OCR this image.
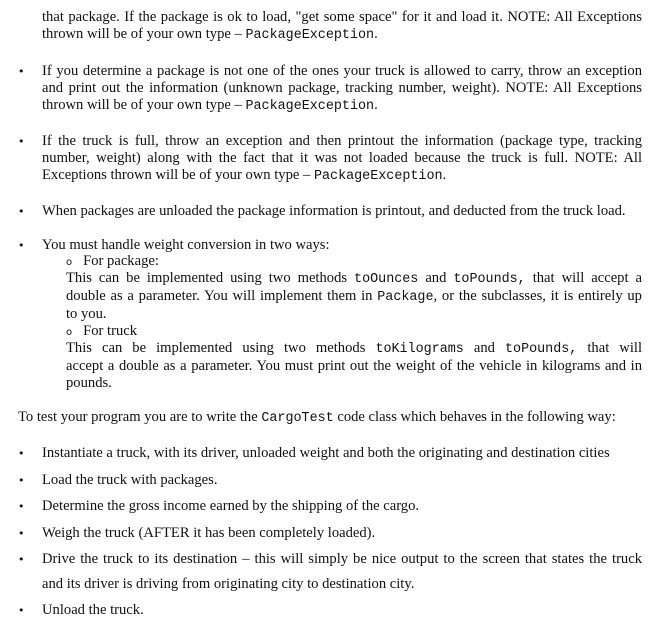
that package. If the package is ok to load, "get some space" for it and load it. NOTE: All Exceptions
thrown will be of your own type – PackageException.
• If you determine a package is not one of the ones your truck is allowed to carry, throw an exception
and print out the information (unknown package, tracking number, weight). NOTE: All Exceptions
thrown will be of your own type – PackageException.
• If the truck is full, throw an exception and then printout the information (package type, tracking
number, weight) along with the fact that it was not loaded because the truck is full. NOTE: All
Exceptions thrown will be of your own type – PackageException.
• When packages are unloaded the package information is printout, and deducted from the truck load.
• You must handle weight conversion in two ways:
o For package:
This can be implemented using two methods toOunces and toPounds, that will accept a
double as a parameter. You will implement them in Package, or the subclasses, it is entirely up
to you.
o For truck
This can be implemented using two methods toKilograms and toPounds, that will
accept a double as a parameter. You must print out the weight of the vehicle in kilograms and in
pounds.
To test your program you are to write the CargoTest code class which behaves in the following way:
• Instantiate a truck, with its driver, unloaded weight and both the originating and destination cities
• Load the truck with packages.
• Determine the gross income earned by the shipping of the cargo.
• Weigh the truck (AFTER it has been completely loaded).
• Drive the truck to its destination – this will simply be nice output to the screen that states the truck
and its driver is driving from originating city to destination city.
• Unload the truck.
